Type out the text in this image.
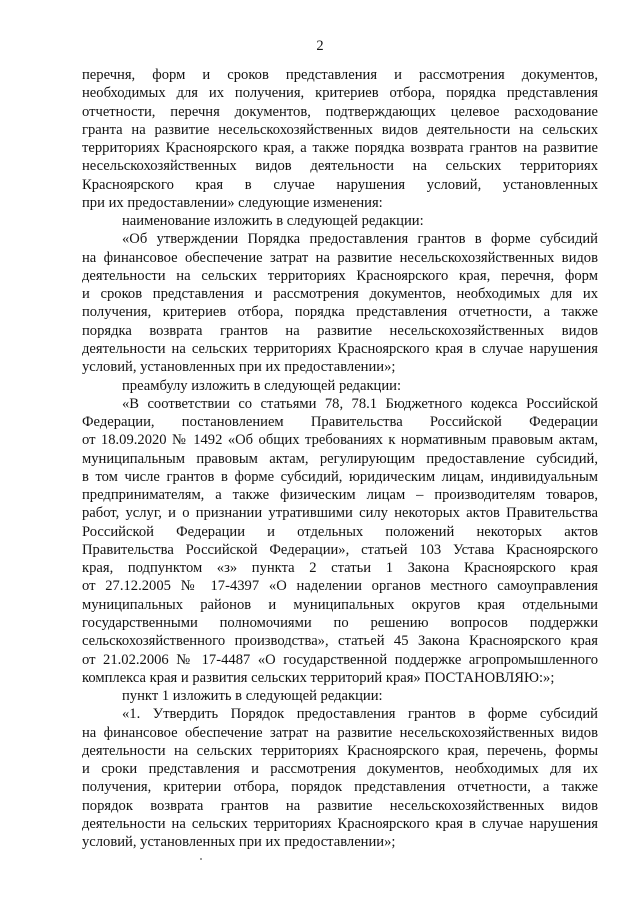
2
перечня, форм и сроков представления и рассмотрения документов,
необходимых для их получения, критериев отбора, порядка представления
отчетности, перечня документов, подтверждающих целевое расходование
гранта на развитие несельскохозяйственных видов деятельности на сельских
территориях Красноярского края, а также порядка возврата грантов на развитие
несельскохозяйственных видов деятельности на сельских территориях
Красноярского края в случае нарушения условий, установленных
при их предоставлении» следующие изменения:
наименование изложить в следующей редакции:
«Об утверждении Порядка предоставления грантов в форме субсидий
на финансовое обеспечение затрат на развитие несельскохозяйственных видов
деятельности на сельских территориях Красноярского края, перечня, форм
и сроков представления и рассмотрения документов, необходимых для их
получения, критериев отбора, порядка представления отчетности, а также
порядка возврата грантов на развитие несельскохозяйственных видов
деятельности на сельских территориях Красноярского края в случае нарушения
условий, установленных при их предоставлении»;
преамбулу изложить в следующей редакции:
«В соответствии со статьями 78, 78.1 Бюджетного кодекса Российской
Федерации, постановлением Правительства Российской Федерации
от 18.09.2020 № 1492 «Об общих требованиях к нормативным правовым актам,
муниципальным правовым актам, регулирующим предоставление субсидий,
в том числе грантов в форме субсидий, юридическим лицам, индивидуальным
предпринимателям, а также физическим лицам – производителям товаров,
работ, услуг, и о признании утратившими силу некоторых актов Правительства
Российской Федерации и отдельных положений некоторых актов
Правительства Российской Федерации», статьей 103 Устава Красноярского
края, подпунктом «з» пункта 2 статьи 1 Закона Красноярского края
от 27.12.2005 № 17-4397 «О наделении органов местного самоуправления
муниципальных районов и муниципальных округов края отдельными
государственными полномочиями по решению вопросов поддержки
сельскохозяйственного производства», статьей 45 Закона Красноярского края
от 21.02.2006 № 17-4487 «О государственной поддержке агропромышленного
комплекса края и развития сельских территорий края» ПОСТАНОВЛЯЮ:»;
пункт 1 изложить в следующей редакции:
«1. Утвердить Порядок предоставления грантов в форме субсидий
на финансовое обеспечение затрат на развитие несельскохозяйственных видов
деятельности на сельских территориях Красноярского края, перечень, формы
и сроки представления и рассмотрения документов, необходимых для их
получения, критерии отбора, порядок представления отчетности, а также
порядок возврата грантов на развитие несельскохозяйственных видов
деятельности на сельских территориях Красноярского края в случае нарушения
условий, установленных при их предоставлении»;
